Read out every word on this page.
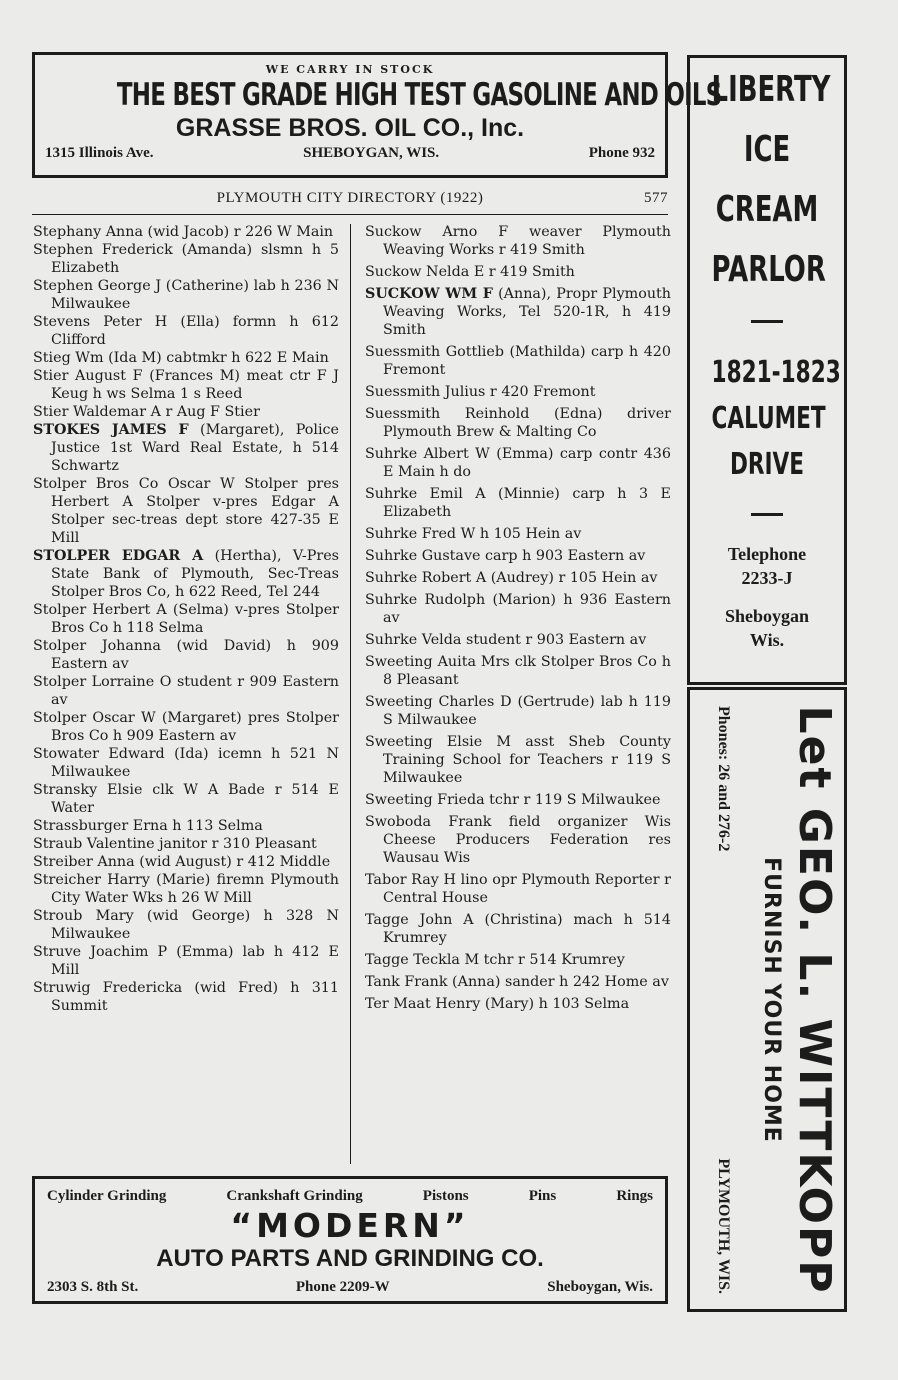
WE CARRY IN STOCK
THE BEST GRADE HIGH TEST GASOLINE AND OILS
GRASSE BROS. OIL CO., Inc.
1315 Illinois Ave.	SHEBOYGAN, WIS.	Phone 932
PLYMOUTH CITY DIRECTORY (1922)	577

Stephany Anna (wid Jacob) r 226 W Main

Stephen Frederick (Amanda) slsmn h 5 Elizabeth

Stephen George J (Catherine) lab h 236 N Milwaukee

Stevens Peter H (Ella) formn h 612 Clifford

Stieg Wm (Ida M) cabtmkr h 622 E Main

Stier August F (Frances M) meat ctr F J Keug h ws Selma 1 s Reed

Stier Waldemar A r Aug F Stier

STOKES JAMES F (Margaret), Police Justice 1st Ward Real Estate, h 514 Schwartz

Stolper Bros Co Oscar W Stolper pres Herbert A Stolper v-pres Edgar A Stolper sec-treas dept store 427-35 E Mill

STOLPER EDGAR A (Hertha), V-Pres State Bank of Plymouth, Sec-Treas Stolper Bros Co, h 622 Reed, Tel 244

Stolper Herbert A (Selma) v-pres Stolper Bros Co h 118 Selma

Stolper Johanna (wid David) h 909 Eastern av

Stolper Lorraine O student r 909 Eastern av

Stolper Oscar W (Margaret) pres Stolper Bros Co h 909 Eastern av

Stowater Edward (Ida) icemn h 521 N Milwaukee

Stransky Elsie clk W A Bade r 514 E Water

Strassburger Erna h 113 Selma

Straub Valentine janitor r 310 Pleasant

Streiber Anna (wid August) r 412 Middle

Streicher Harry (Marie) firemn Plymouth City Water Wks h 26 W Mill

Stroub Mary (wid George) h 328 N Milwaukee

Struve Joachim P (Emma) lab h 412 E Mill

Struwig Fredericka (wid Fred) h 311 Summit

Suckow Arno F weaver Plymouth Weaving Works r 419 Smith

Suckow Nelda E r 419 Smith

SUCKOW WM F (Anna), Propr Plymouth Weaving Works, Tel 520-1R, h 419 Smith

Suessmith Gottlieb (Mathilda) carp h 420 Fremont

Suessmith Julius r 420 Fremont

Suessmith Reinhold (Edna) driver Plymouth Brew & Malting Co

Suhrke Albert W (Emma) carp contr 436 E Main h do

Suhrke Emil A (Minnie) carp h 3 E Elizabeth

Suhrke Fred W h 105 Hein av

Suhrke Gustave carp h 903 Eastern av

Suhrke Robert A (Audrey) r 105 Hein av

Suhrke Rudolph (Marion) h 936 Eastern av

Suhrke Velda student r 903 Eastern av

Sweeting Auita Mrs clk Stolper Bros Co h 8 Pleasant

Sweeting Charles D (Gertrude) lab h 119 S Milwaukee

Sweeting Elsie M asst Sheb County Training School for Teachers r 119 S Milwaukee

Sweeting Frieda tchr r 119 S Milwaukee

Swoboda Frank field organizer Wis Cheese Producers Federation res Wausau Wis

Tabor Ray H lino opr Plymouth Reporter r Central House

Tagge John A (Christina) mach h 514 Krumrey

Tagge Teckla M tchr r 514 Krumrey

Tank Frank (Anna) sander h 242 Home av

Ter Maat Henry (Mary) h 103 Selma

Cylinder Grinding	Crankshaft Grinding	Pistons	Pins	Rings
“MODERN”
AUTO PARTS AND GRINDING CO.
2303 S. 8th St.	Phone 2209-W	Sheboygan, Wis.
LIBERTY
ICE
CREAM
PARLOR
1821-1823
CALUMET
DRIVE
Telephone
2233-J
Sheboygan
Wis.
Let GEO. L. WITTKOPP
FURNISH YOUR HOME
Phones: 26 and 276-2
PLYMOUTH, WIS.
